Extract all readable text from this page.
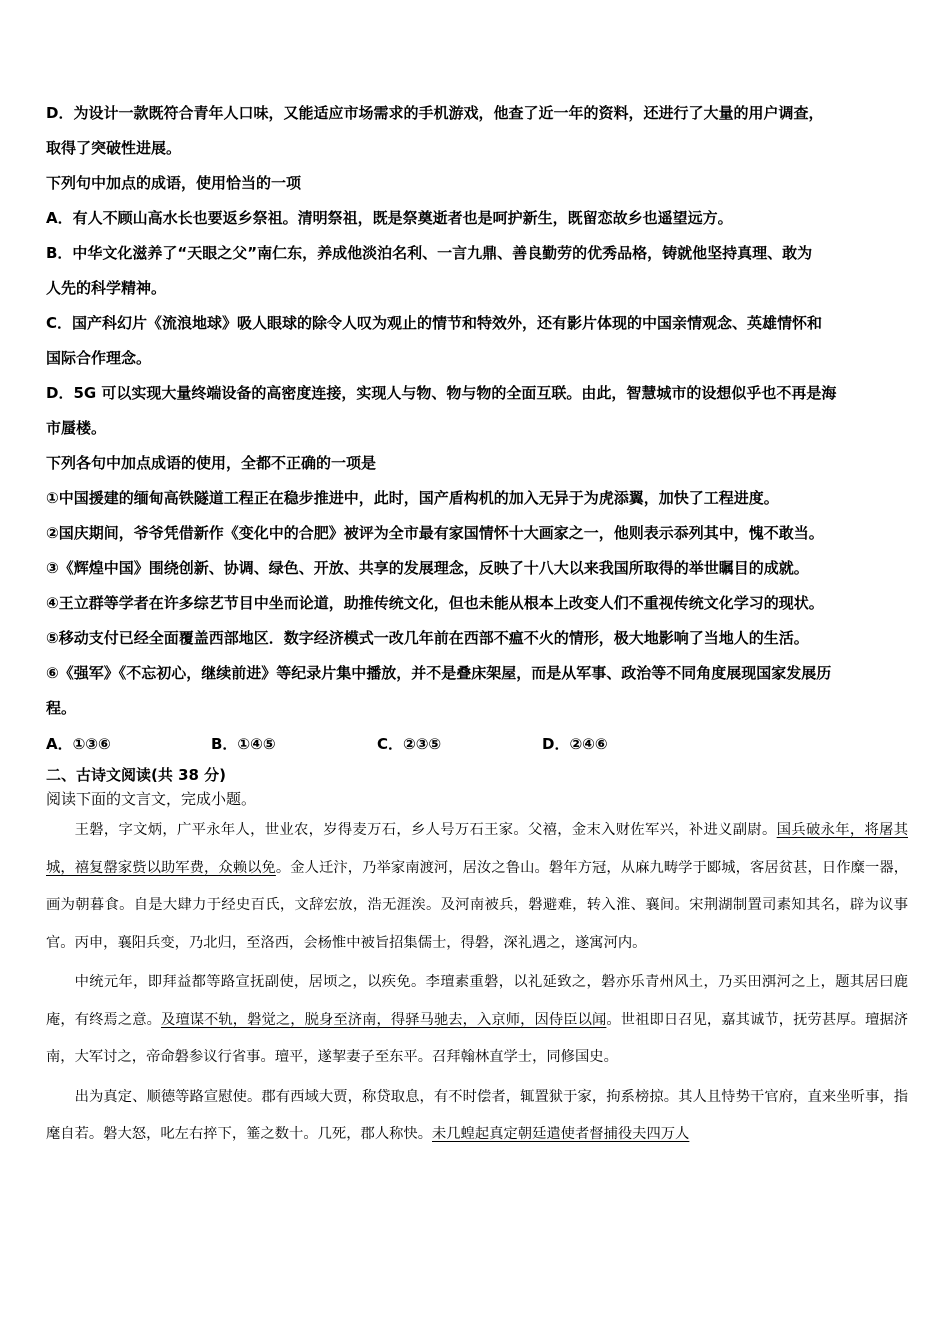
D．为设计一款既符合青年人口味，又能适应市场需求的手机游戏，他查了近一年的资料，还进行了大量的用户调查，
取得了突破性进展。
下列句中加点的成语，使用恰当的一项
A．有人不顾山高水长也要返乡祭祖。清明祭祖，既是祭奠逝者也是呵护新生，既留恋故乡也遥望远方。
B．中华文化滋养了“天眼之父”南仁东，养成他淡泊名利、一言九鼎、善良勤劳的优秀品格，铸就他坚持真理、敢为
人先的科学精神。
C．国产科幻片《流浪地球》吸人眼球的除令人叹为观止的情节和特效外，还有影片体现的中国亲情观念、英雄情怀和
国际合作理念。
D．5G 可以实现大量终端设备的高密度连接，实现人与物、物与物的全面互联。由此，智慧城市的设想似乎也不再是海
市蜃楼。
下列各句中加点成语的使用，全都不正确的一项是
①中国援建的缅甸高铁隧道工程正在稳步推进中，此时，国产盾构机的加入无异于为虎添翼，加快了工程进度。
②国庆期间，爷爷凭借新作《变化中的合肥》被评为全市最有家国情怀十大画家之一，他则表示忝列其中，愧不敢当。
③《辉煌中国》围绕创新、协调、绿色、开放、共享的发展理念，反映了十八大以来我国所取得的举世瞩目的成就。
④王立群等学者在许多综艺节目中坐而论道，助推传统文化，但也未能从根本上改变人们不重视传统文化学习的现状。
⑤移动支付已经全面覆盖西部地区．数字经济模式一改几年前在西部不瘟不火的情形，极大地影响了当地人的生活。
⑥《强军》《不忘初心，继续前进》等纪录片集中播放，并不是叠床架屋，而是从军事、政治等不同角度展现国家发展历
程。
A．①③⑥	B．①④⑤	C．②③⑤	D．②④⑥
二、古诗文阅读(共 38 分)
阅读下面的文言文，完成小题。

王磐，字文炳，广平永年人，世业农，岁得麦万石，乡人号万石王家。父禧，金末入财佐军兴，补进义副尉。国兵破永年，将屠其城，禧复罄家赀以助军费，众赖以免。金人迁汴，乃举家南渡河，居汝之鲁山。磐年方冠，从麻九畴学于郾城，客居贫甚，日作糜一器，画为朝暮食。自是大肆力于经史百氏，文辞宏放，浩无涯涘。及河南被兵，磐避难，转入淮、襄间。宋荆湖制置司素知其名，辟为议事官。丙申，襄阳兵变，乃北归，至洛西，会杨惟中被旨招集儒士，得磐，深礼遇之，遂寓河内。

中统元年，即拜益都等路宣抚副使，居顷之，以疾免。李璮素重磐，以礼延致之，磐亦乐青州风土，乃买田渳河之上，题其居曰鹿庵，有终焉之意。及璮谋不轨，磐觉之，脱身至济南，得驿马驰去，入京师，因侍臣以闻。世祖即日召见，嘉其诚节，抚劳甚厚。璮据济南，大军讨之，帝命磐参议行省事。璮平，遂挈妻子至东平。召拜翰林直学士，同修国史。

出为真定、顺德等路宣慰使。郡有西域大贾，称贷取息，有不时偿者，辄置狱于家，拘系榜掠。其人且恃势干官府，直来坐听事，指麾自若。磐大怒，叱左右捽下，箠之数十。几死，郡人称快。未几蝗起真定朝廷遣使者督捕役夫四万人
